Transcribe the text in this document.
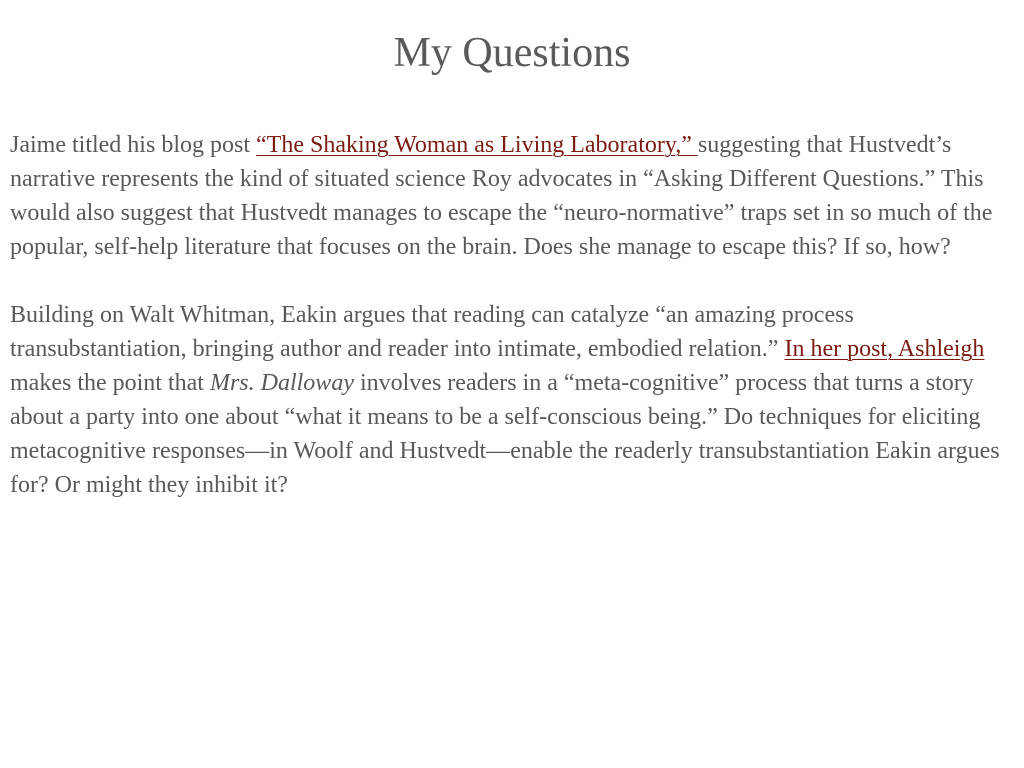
My Questions

Jaime titled his blog post “The Shaking Woman as Living Laboratory,” suggesting that Hustvedt’s narrative represents the kind of situated science Roy advocates in “Asking Different Questions.” This would also suggest that Hustvedt manages to escape the “neuro-normative” traps set in so much of the popular, self-help literature that focuses on the brain. Does she manage to escape this? If so, how?

Building on Walt Whitman, Eakin argues that reading can catalyze “an amazing process transubstantiation, bringing author and reader into intimate, embodied relation.” In her post, Ashleigh makes the point that Mrs. Dalloway involves readers in a “meta-cognitive” process that turns a story about a party into one about “what it means to be a self-conscious being.” Do techniques for eliciting metacognitive responses—in Woolf and Hustvedt—enable the readerly transubstantiation Eakin argues for? Or might they inhibit it?
